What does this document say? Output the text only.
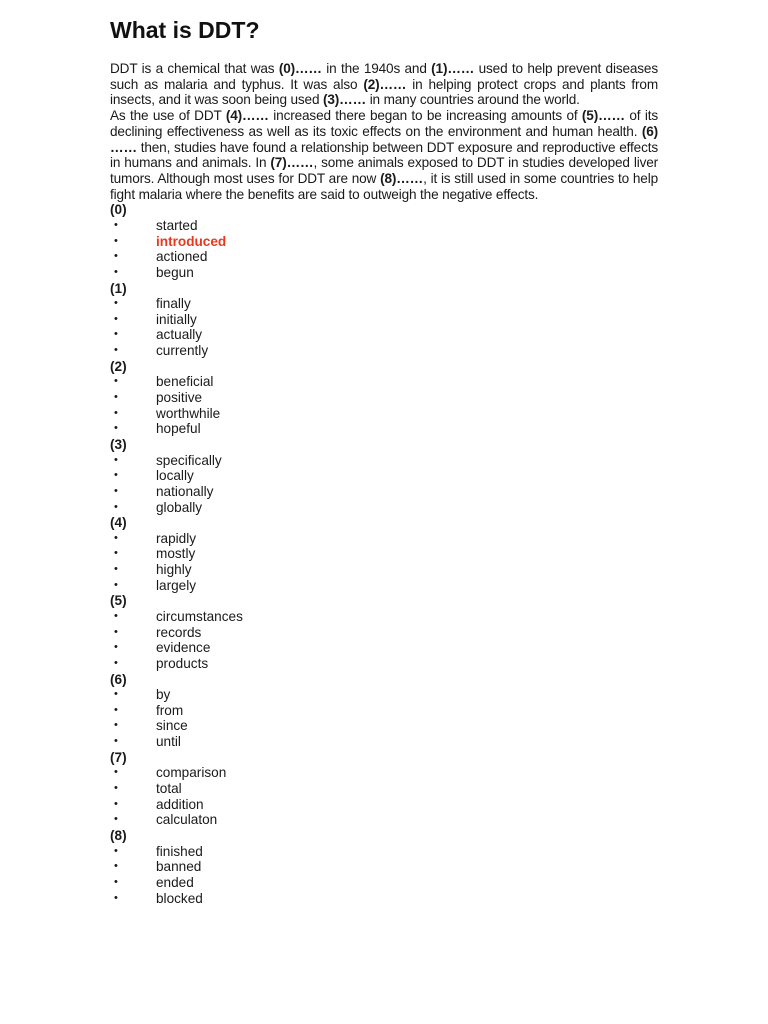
What is DDT?

DDT is a chemical that was (0)…… in the 1940s and (1)…… used to help prevent diseases such as malaria and typhus. It was also (2)…… in helping protect crops and plants from insects, and it was soon being used (3)…… in many countries around the world.

As the use of DDT (4)…… increased there began to be increasing amounts of (5)…… of its declining effectiveness as well as its toxic effects on the environment and human health. (6) …… then, studies have found a relationship between DDT exposure and reproductive effects in humans and animals. In (7)……, some animals exposed to DDT in studies developed liver tumors. Although most uses for DDT are now (8)……, it is still used in some countries to help fight malaria where the benefits are said to outweigh the negative effects.

(0)
•	started
•	introduced
•	actioned
•	begun
(1)
•	finally
•	initially
•	actually
•	currently
(2)
•	beneficial
•	positive
•	worthwhile
•	hopeful
(3)
•	specifically
•	locally
•	nationally
•	globally
(4)
•	rapidly
•	mostly
•	highly
•	largely
(5)
•	circumstances
•	records
•	evidence
•	products
(6)
•	by
•	from
•	since
•	until
(7)
•	comparison
•	total
•	addition
•	calculaton
(8)
•	finished
•	banned
•	ended
•	blocked
